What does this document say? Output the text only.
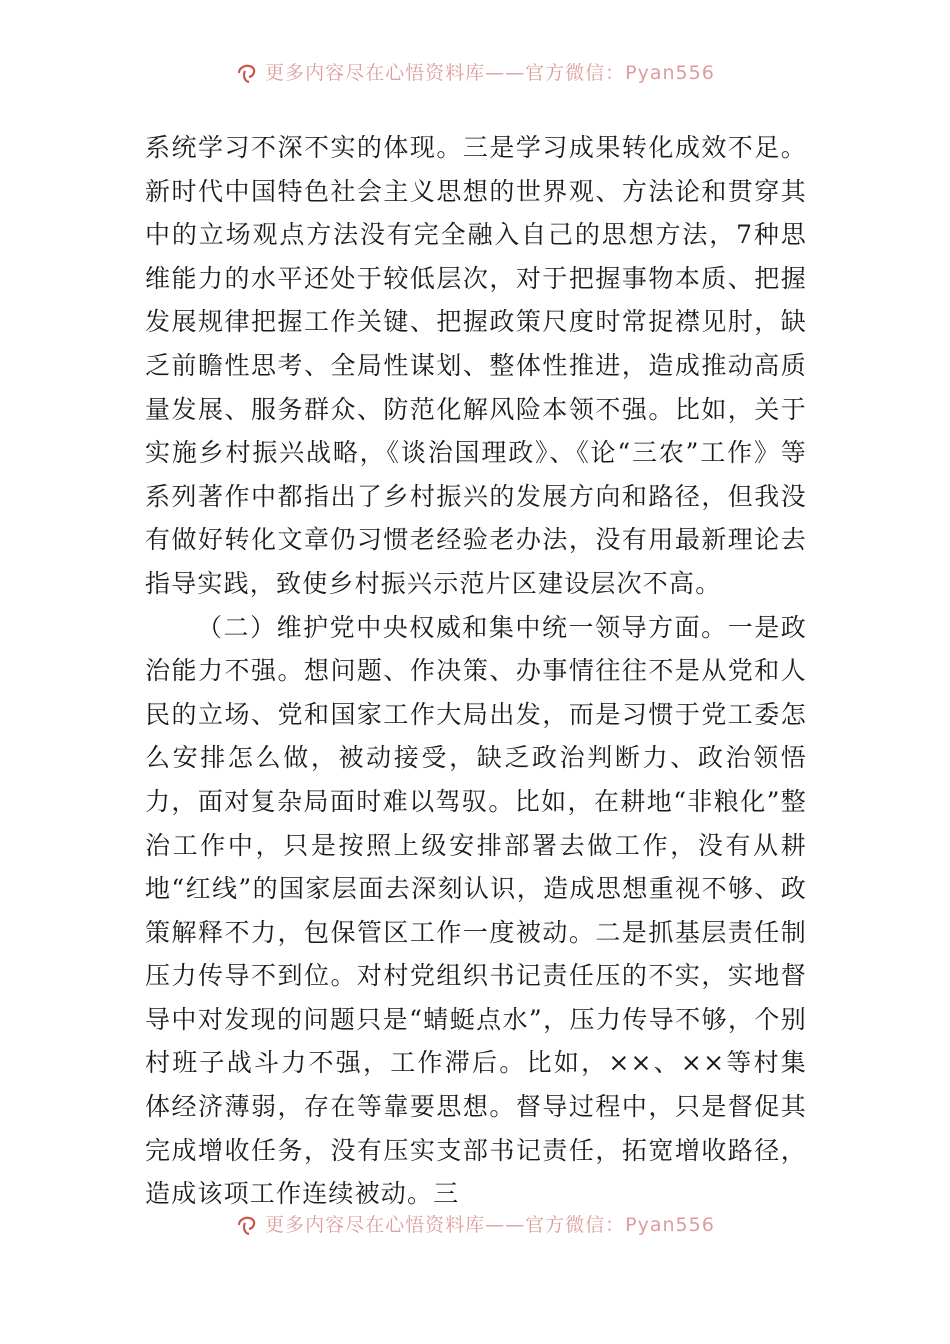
更多内容尽在心悟资料库——官方微信：Pyan556

系统学习不深不实的体现。三是学习成果转化成效不足。新时代中国特色社会主义思想的世界观、方法论和贯穿其中的立场观点方法没有完全融入自己的思想方法，7种思维能力的水平还处于较低层次，对于把握事物本质、把握发展规律把握工作关键、把握政策尺度时常捉襟见肘，缺乏前瞻性思考、全局性谋划、整体性推进，造成推动高质量发展、服务群众、防范化解风险本领不强。比如，关于实施乡村振兴战略，《谈治国理政》、《论“三农”工作》等系列著作中都指出了乡村振兴的发展方向和路径，但我没有做好转化文章仍习惯老经验老办法，没有用最新理论去指导实践，致使乡村振兴示范片区建设层次不高。

（二）维护党中央权威和集中统一领导方面。一是政治能力不强。想问题、作决策、办事情往往不是从党和人民的立场、党和国家工作大局出发，而是习惯于党工委怎么安排怎么做，被动接受，缺乏政治判断力、政治领悟力，面对复杂局面时难以驾驭。比如，在耕地“非粮化”整治工作中，只是按照上级安排部署去做工作，没有从耕地“红线”的国家层面去深刻认识，造成思想重视不够、政策解释不力，包保管区工作一度被动。二是抓基层责任制压力传导不到位。对村党组织书记责任压的不实，实地督导中对发现的问题只是“蜻蜓点水”，压力传导不够，个别村班子战斗力不强，工作滞后。比如，××、××等村集体经济薄弱，存在等靠要思想。督导过程中，只是督促其完成增收任务，没有压实支部书记责任，拓宽增收路径，造成该项工作连续被动。三

更多内容尽在心悟资料库——官方微信：Pyan556
